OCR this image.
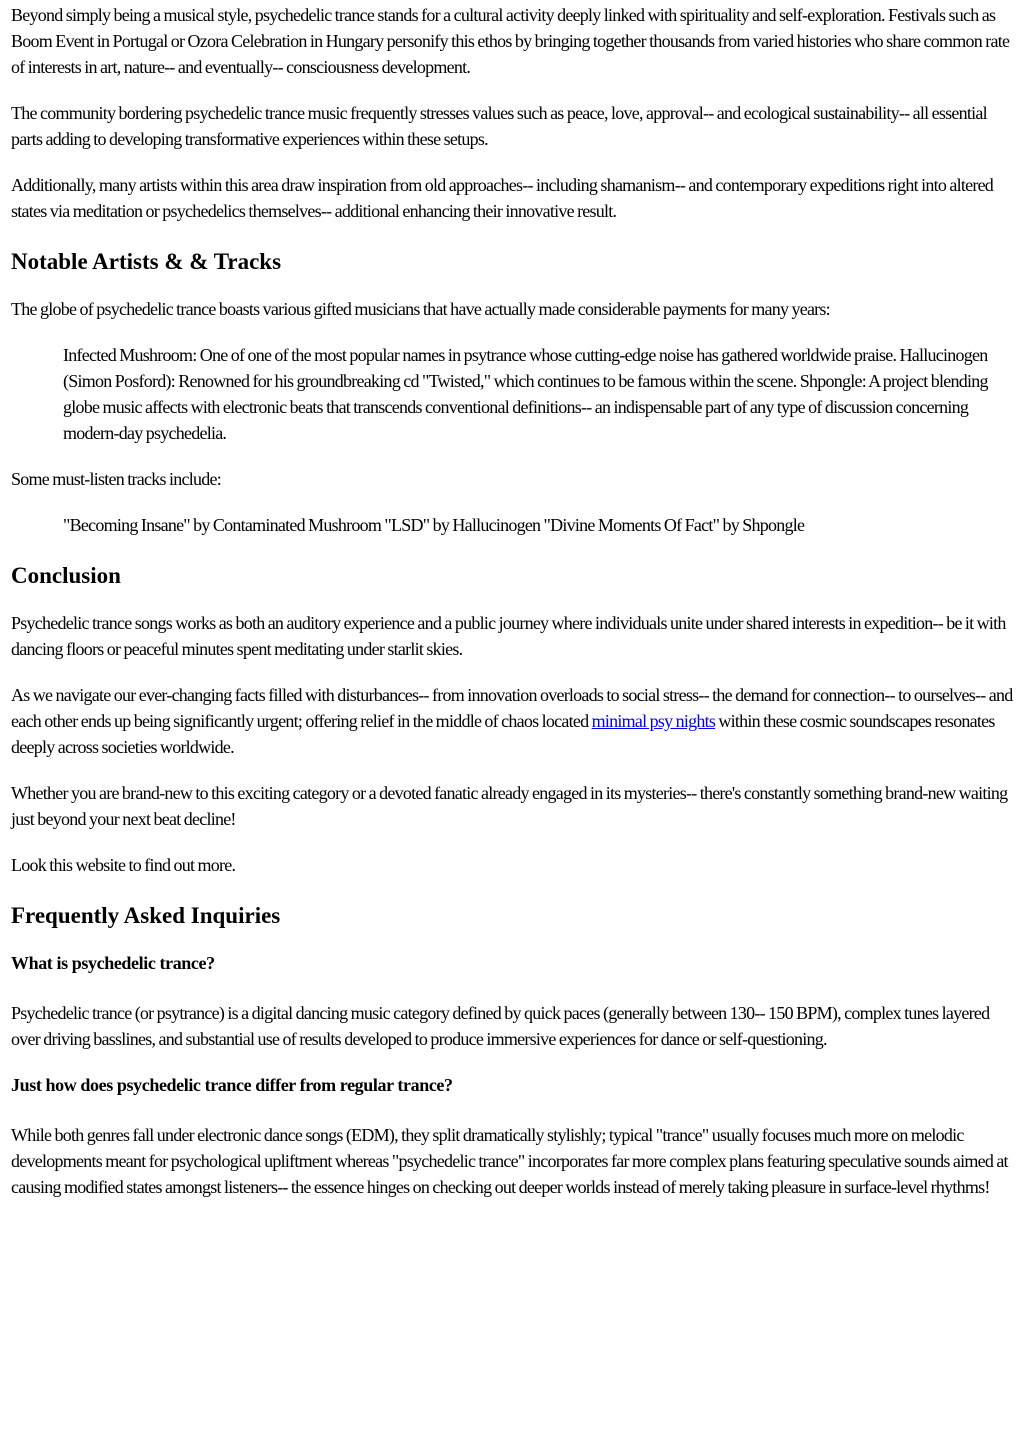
Beyond simply being a musical style, psychedelic trance stands for a cultural activity deeply linked with spirituality and self-exploration. Festivals such as Boom Event in Portugal or Ozora Celebration in Hungary personify this ethos by bringing together thousands from varied histories who share common rate of interests in art, nature-- and eventually-- consciousness development.

The community bordering psychedelic trance music frequently stresses values such as peace, love, approval-- and ecological sustainability-- all essential parts adding to developing transformative experiences within these setups.

Additionally, many artists within this area draw inspiration from old approaches-- including shamanism-- and contemporary expeditions right into altered states via meditation or psychedelics themselves-- additional enhancing their innovative result.

Notable Artists & & Tracks

The globe of psychedelic trance boasts various gifted musicians that have actually made considerable payments for many years:

Infected Mushroom: One of one of the most popular names in psytrance whose cutting-edge noise has gathered worldwide praise. Hallucinogen (Simon Posford): Renowned for his groundbreaking cd "Twisted," which continues to be famous within the scene. Shpongle: A project blending globe music affects with electronic beats that transcends conventional definitions-- an indispensable part of any type of discussion concerning modern-day psychedelia.

Some must-listen tracks include:

"Becoming Insane" by Contaminated Mushroom "LSD" by Hallucinogen "Divine Moments Of Fact" by Shpongle

Conclusion

Psychedelic trance songs works as both an auditory experience and a public journey where individuals unite under shared interests in expedition-- be it with dancing floors or peaceful minutes spent meditating under starlit skies.

As we navigate our ever-changing facts filled with disturbances-- from innovation overloads to social stress-- the demand for connection-- to ourselves-- and each other ends up being significantly urgent; offering relief in the middle of chaos located minimal psy nights within these cosmic soundscapes resonates deeply across societies worldwide.

Whether you are brand-new to this exciting category or a devoted fanatic already engaged in its mysteries-- there's constantly something brand-new waiting just beyond your next beat decline!

Look this website to find out more.

Frequently Asked Inquiries
What is psychedelic trance?

Psychedelic trance (or psytrance) is a digital dancing music category defined by quick paces (generally between 130-- 150 BPM), complex tunes layered over driving basslines, and substantial use of results developed to produce immersive experiences for dance or self-questioning.

Just how does psychedelic trance differ from regular trance?

While both genres fall under electronic dance songs (EDM), they split dramatically stylishly; typical "trance" usually focuses much more on melodic developments meant for psychological upliftment whereas "psychedelic trance" incorporates far more complex plans featuring speculative sounds aimed at causing modified states amongst listeners-- the essence hinges on checking out deeper worlds instead of merely taking pleasure in surface-level rhythms!
